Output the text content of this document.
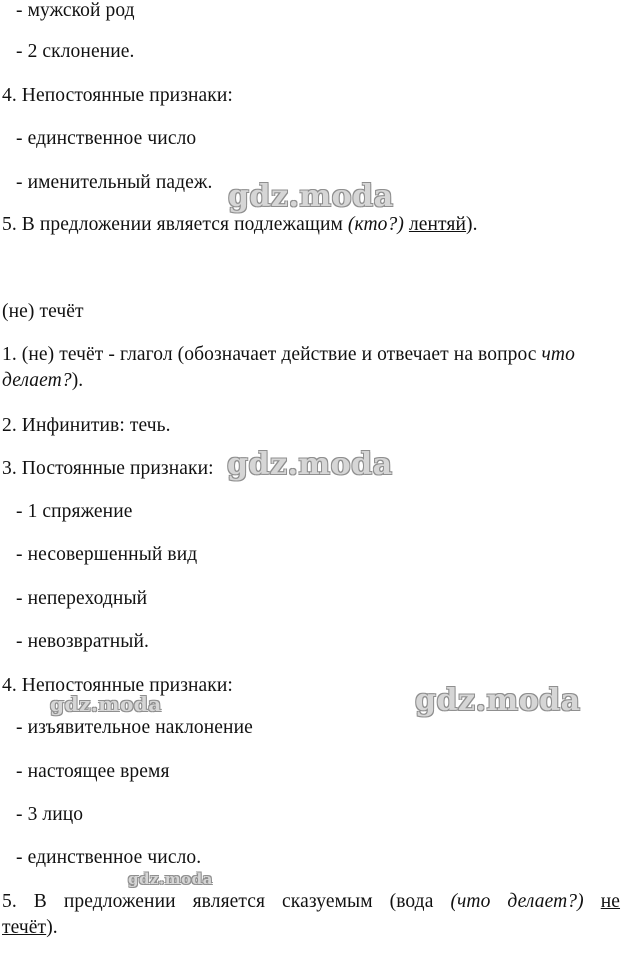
- мужской род
- 2 склонение.
4. Непостоянные признаки:
- единственное число
- именительный падеж.
5. В предложении является подлежащим (кто?) лентяй).
(не) течёт
1. (не) течёт - глагол (обозначает действие и отвечает на вопрос что
делает?).
2. Инфинитив: течь.
3. Постоянные признаки:
- 1 спряжение
- несовершенный вид
- непереходный
- невозвратный.
4. Непостоянные признаки:
- изъявительное наклонение
- настоящее время
- 3 лицо
- единственное число.
5. В предложении является сказуемым (вода (что делает?) не
течёт).
gdz.moda
gdz.moda
gdz.moda
gdz.moda
gdz.moda
